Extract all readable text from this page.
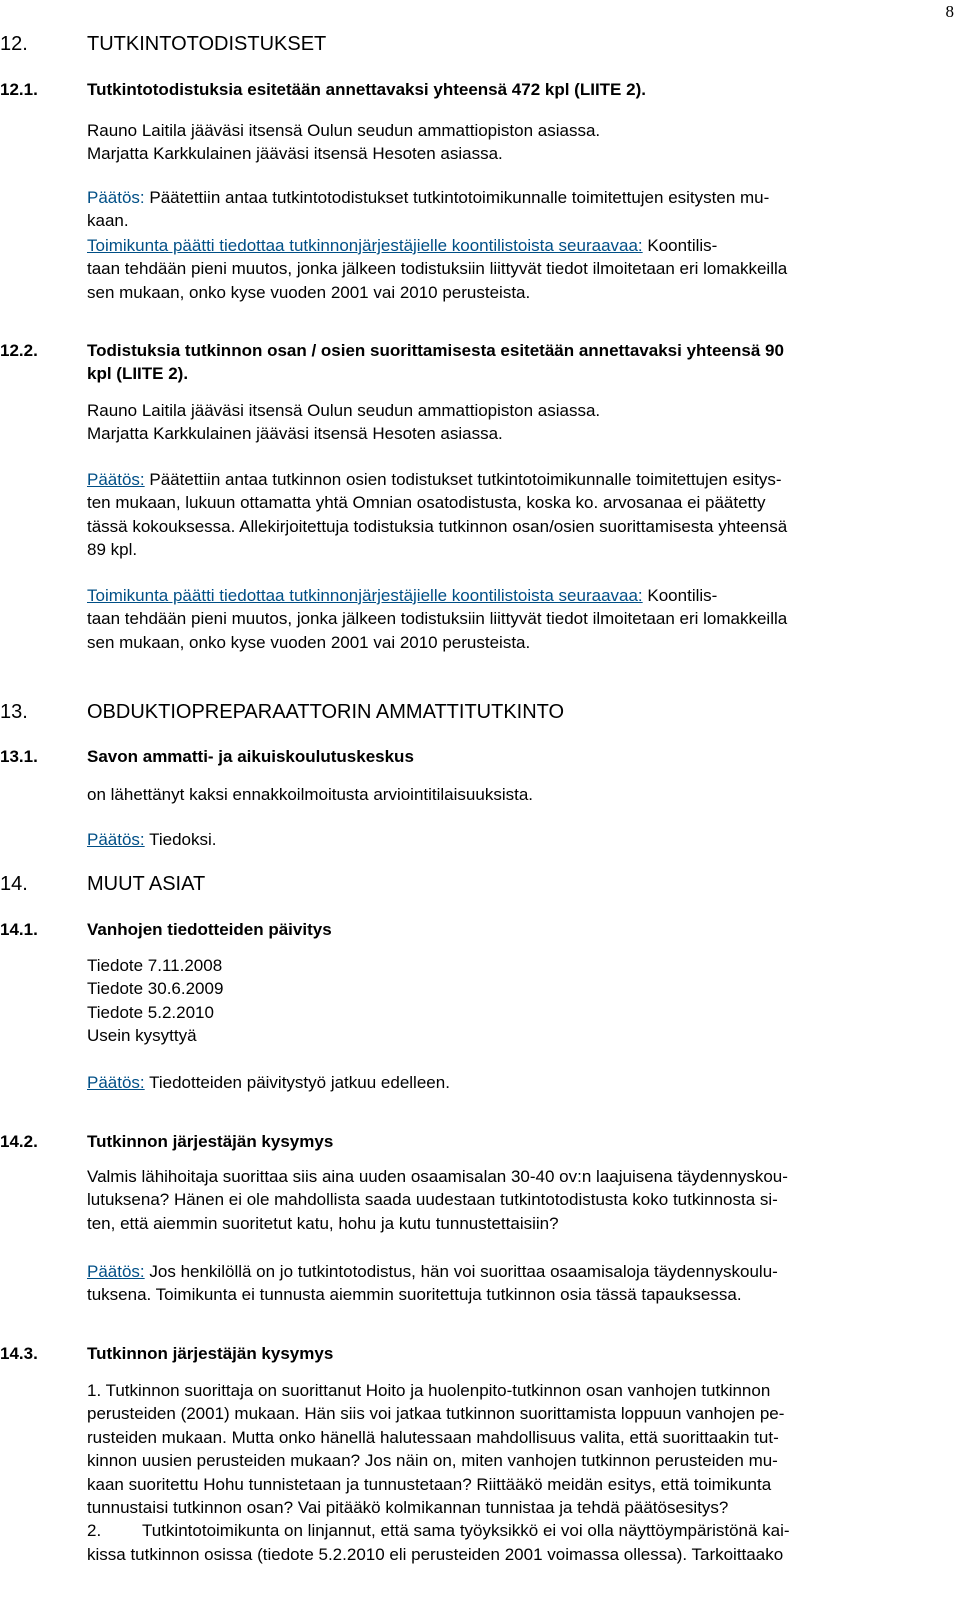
8
12.	TUTKINTOTODISTUKSET
12.1.	Tutkintotodistuksia esitetään annettavaksi yhteensä 472 kpl (LIITE 2).

Rauno Laitila jääväsi itsensä Oulun seudun ammattiopiston asiassa.
Marjatta Karkkulainen jääväsi itsensä Hesoten asiassa.

Päätös: Päätettiin antaa tutkintotodistukset tutkintotoimikunnalle toimitettujen esitysten mu-
kaan.

Toimikunta päätti tiedottaa tutkinnonjärjestäjielle koontilistoista seuraavaa: Koontilis-
taan tehdään pieni muutos, jonka jälkeen todistuksiin liittyvät tiedot ilmoitetaan eri lomakkeilla
sen mukaan, onko kyse vuoden 2001 vai 2010 perusteista.

12.2.	Todistuksia tutkinnon osan / osien suorittamisesta esitetään annettavaksi yhteensä 90
kpl (LIITE 2).

Rauno Laitila jääväsi itsensä Oulun seudun ammattiopiston asiassa.
Marjatta Karkkulainen jääväsi itsensä Hesoten asiassa.

Päätös: Päätettiin antaa tutkinnon osien todistukset tutkintotoimikunnalle toimitettujen esitys-
ten mukaan, lukuun ottamatta yhtä Omnian osatodistusta, koska ko. arvosanaa ei päätetty
tässä kokouksessa. Allekirjoitettuja todistuksia tutkinnon osan/osien suorittamisesta yhteensä
89 kpl.

Toimikunta päätti tiedottaa tutkinnonjärjestäjielle koontilistoista seuraavaa: Koontilis-
taan tehdään pieni muutos, jonka jälkeen todistuksiin liittyvät tiedot ilmoitetaan eri lomakkeilla
sen mukaan, onko kyse vuoden 2001 vai 2010 perusteista.

13.	OBDUKTIOPREPARAATTORIN AMMATTITUTKINTO
13.1.	Savon ammatti- ja aikuiskoulutuskeskus

on lähettänyt kaksi ennakkoilmoitusta arviointitilaisuuksista.

Päätös: Tiedoksi.

14.	MUUT ASIAT
14.1.	Vanhojen tiedotteiden päivitys

Tiedote 7.11.2008
Tiedote 30.6.2009
Tiedote 5.2.2010
Usein kysyttyä

Päätös: Tiedotteiden päivitystyö jatkuu edelleen.

14.2.	Tutkinnon järjestäjän kysymys

Valmis lähihoitaja suorittaa siis aina uuden osaamisalan 30-40 ov:n laajuisena täydennyskou-
lutuksena? Hänen ei ole mahdollista saada uudestaan tutkintotodistusta koko tutkinnosta si-
ten, että aiemmin suoritetut katu, hohu ja kutu tunnustettaisiin?

Päätös: Jos henkilöllä on jo tutkintotodistus, hän voi suorittaa osaamisaloja täydennyskoulu-
tuksena. Toimikunta ei tunnusta aiemmin suoritettuja tutkinnon osia tässä tapauksessa.

14.3.	Tutkinnon järjestäjän kysymys

1. Tutkinnon suorittaja on suorittanut Hoito ja huolenpito-tutkinnon osan vanhojen tutkinnon
perusteiden (2001) mukaan. Hän siis voi jatkaa tutkinnon suorittamista loppuun vanhojen pe-
rusteiden mukaan. Mutta onko hänellä halutessaan mahdollisuus valita, että suorittaakin tut-
kinnon uusien perusteiden mukaan? Jos näin on, miten vanhojen tutkinnon perusteiden mu-
kaan suoritettu Hohu tunnistetaan ja tunnustetaan? Riittääkö meidän esitys, että toimikunta
tunnustaisi tutkinnon osan? Vai pitääkö kolmikannan tunnistaa ja tehdä päätösesitys?
2. Tutkintotoimikunta on linjannut, että sama työyksikkö ei voi olla näyttöympäristönä kai-
kissa tutkinnon osissa (tiedote 5.2.2010 eli perusteiden 2001 voimassa ollessa). Tarkoittaako
